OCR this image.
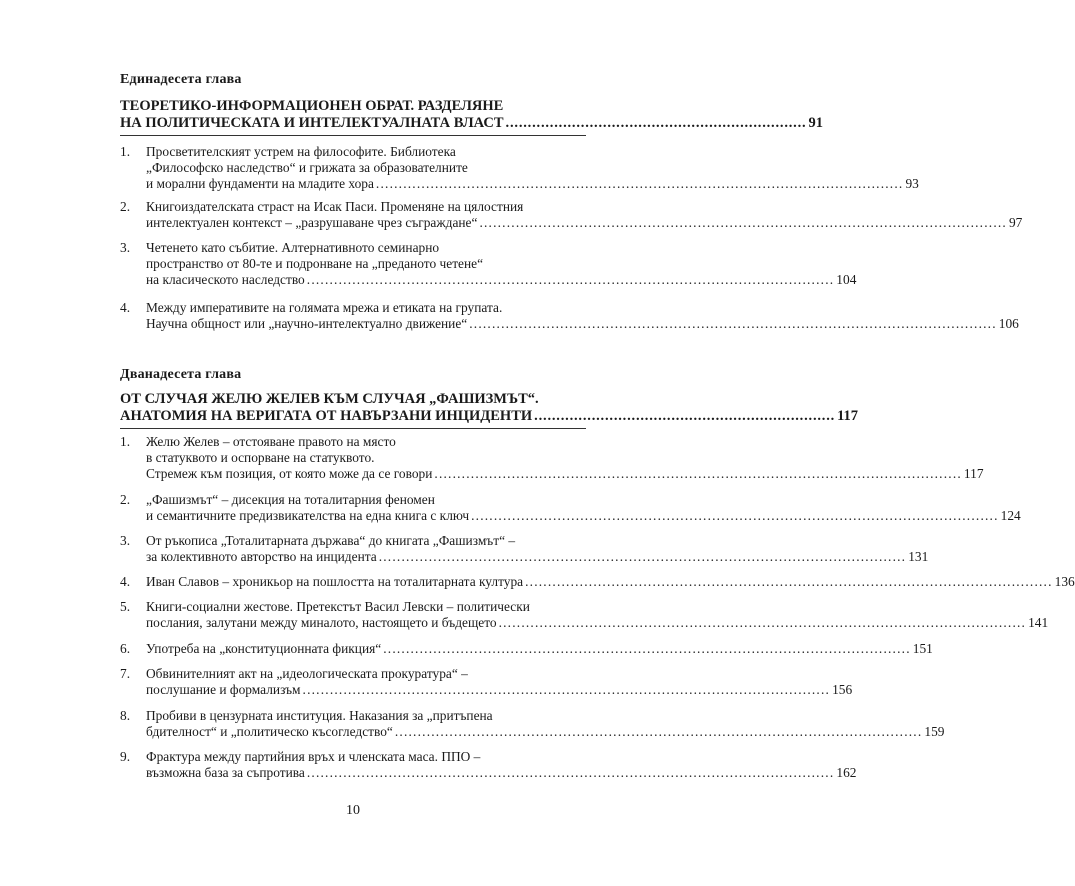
Единадесета глава
ТЕОРЕТИКО-ИНФОРМАЦИОНЕН ОБРАТ. РАЗДЕЛЯНЕ
НА ПОЛИТИЧЕСКАТА И ИНТЕЛЕКТУАЛНАТА ВЛАСТ .................................................................... 91
1. Просветителският устрем на философите. Библиотека
„Философско наследство“ и грижата за образователните
и морални фундаменти на младите хора .................................................................................................................... 93
2. Книгоиздателската страст на Исак Паси. Променяне на цялостния
интелектуален контекст – „разрушаване чрез съграждане“ .................................................................................................................... 97
3. Четенето като събитие. Алтернативното семинарно
пространство от 80-те и подронване на „преданото четене“
на класическото наследство .................................................................................................................... 104
4. Между императивите на голямата мрежа и етиката на групата.
Научна общност или „научно-интелектуално движение“ .................................................................................................................... 106
Дванадесета глава
ОТ СЛУЧАЯ ЖЕЛЮ ЖЕЛЕВ КЪМ СЛУЧАЯ „ФАШИЗМЪТ“.
АНАТОМИЯ НА ВЕРИГАТА ОТ НАВЪРЗАНИ ИНЦИДЕНТИ .................................................................... 117
1. Желю Желев – отстояване правото на място
в статуквото и оспорване на статуквото.
Стремеж към позиция, от която може да се говори .................................................................................................................... 117
2. „Фашизмът“ – дисекция на тоталитарния феномен
и семантичните предизвикателства на една книга с ключ .................................................................................................................... 124
3. От ръкописа „Тоталитарната държава“ до книгата „Фашизмът“ –
за колективното авторство на инцидента .................................................................................................................... 131
4. Иван Славов – хроникьор на пошлостта на тоталитарната култура .................................................................................................................... 136
5. Книги-социални жестове. Претекстът Васил Левски – политически
послания, залутани между миналото, настоящето и бъдещето .................................................................................................................... 141
6. Употреба на „конституционната фикция“ .................................................................................................................... 151
7. Обвинителният акт на „идеологическата прокуратура“ –
послушание и формализъм .................................................................................................................... 156
8. Пробиви в цензурната институция. Наказания за „притъпена
бдителност“ и „политическо късогледство“ .................................................................................................................... 159
9. Фрактура между партийния връх и членската маса. ППО –
възможна база за съпротива .................................................................................................................... 162
10
